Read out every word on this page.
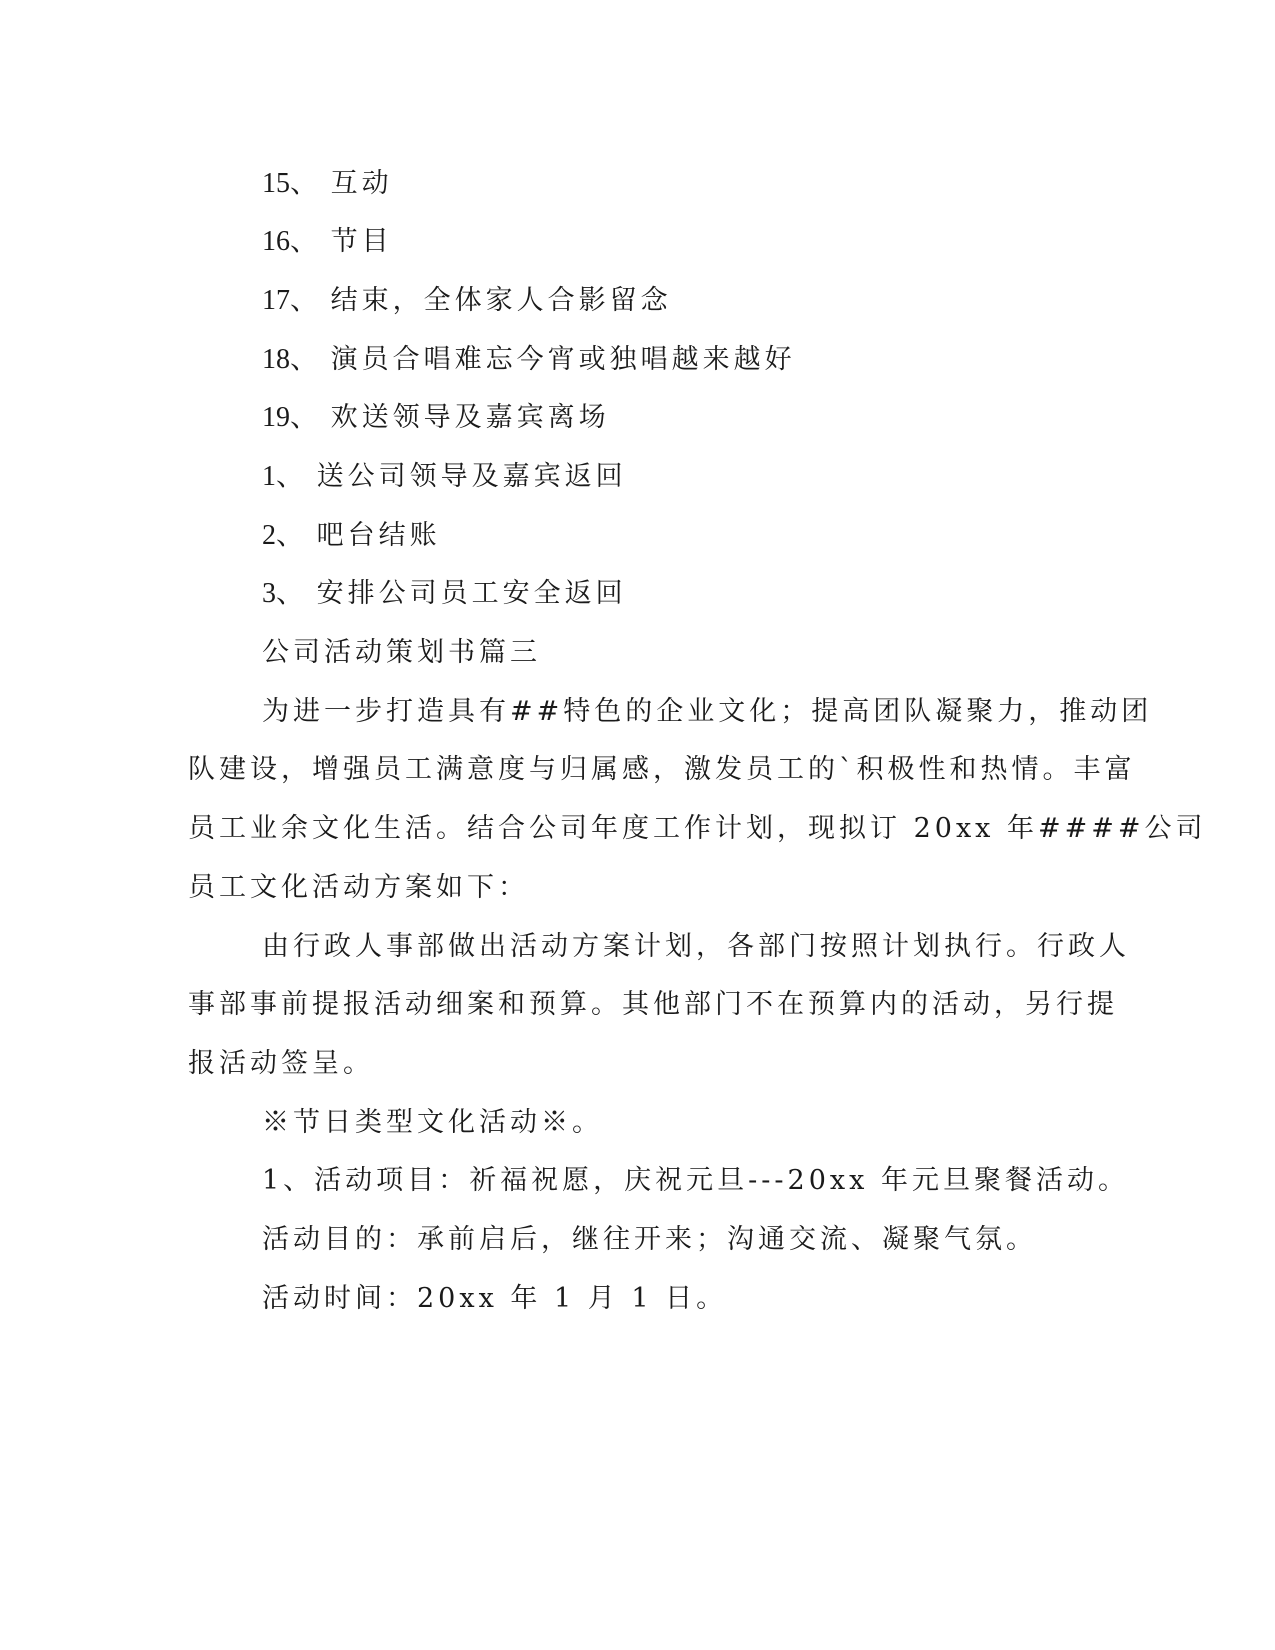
15、 互动
16、 节目
17、 结束，全体家人合影留念
18、 演员合唱难忘今宵或独唱越来越好
19、 欢送领导及嘉宾离场
1、 送公司领导及嘉宾返回
2、 吧台结账
3、 安排公司员工安全返回
公司活动策划书篇三
为进一步打造具有##特色的企业文化；提高团队凝聚力，推动团
队建设，增强员工满意度与归属感，激发员工的`积极性和热情。丰富
员工业余文化生活。结合公司年度工作计划，现拟订 20xx 年####公司
员工文化活动方案如下：
由行政人事部做出活动方案计划，各部门按照计划执行。行政人
事部事前提报活动细案和预算。其他部门不在预算内的活动，另行提
报活动签呈。
※节日类型文化活动※。
1、活动项目：祈福祝愿，庆祝元旦---20xx 年元旦聚餐活动。
活动目的：承前启后，继往开来；沟通交流、凝聚气氛。
活动时间：20xx 年 1 月 1 日。
